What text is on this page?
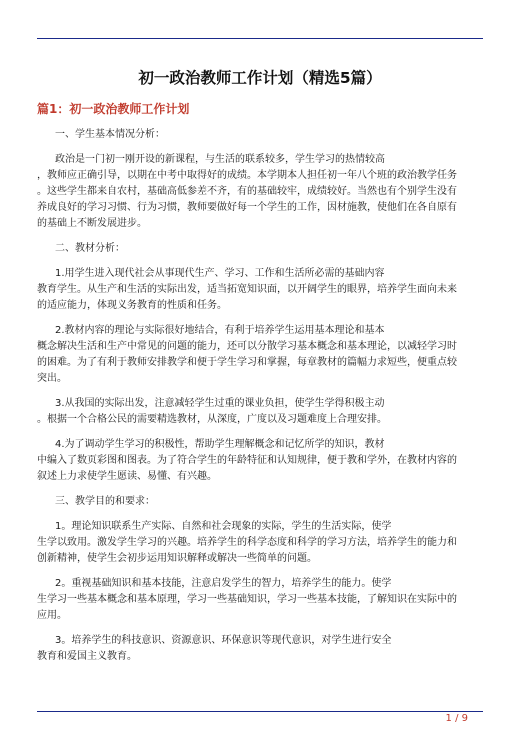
初一政治教师工作计划（精选5篇）
篇1：初一政治教师工作计划
一、学生基本情况分析：
政治是一门初一刚开设的新课程，与生活的联系较多，学生学习的热情较高
，教师应正确引导，以期在中考中取得好的成绩。本学期本人担任初一年八个班的政治教学任务
。这些学生都来自农村，基础高低参差不齐，有的基础较牢，成绩较好。当然也有个别学生没有
养成良好的学习习惯、行为习惯，教师要做好每一个学生的工作，因材施教，使他们在各自原有
的基础上不断发展进步。
二、教材分析：
1.用学生进入现代社会从事现代生产、学习、工作和生活所必需的基础内容
教育学生。从生产和生活的实际出发，适当拓宽知识面，以开阔学生的眼界，培养学生面向未来
的适应能力，体现义务教育的性质和任务。
2.教材内容的理论与实际很好地结合，有利于培养学生运用基本理论和基本
概念解决生活和生产中常见的问题的能力，还可以分散学习基本概念和基本理论，以减轻学习时
的困难。为了有利于教师安排教学和便于学生学习和掌握，每章教材的篇幅力求短些，便重点较
突出。
3.从我国的实际出发，注意减轻学生过重的课业负担，使学生学得积极主动
。根据一个合格公民的需要精选教材，从深度，广度以及习题难度上合理安排。
4.为了调动学生学习的积极性，帮助学生理解概念和记忆所学的知识，教材
中编入了数页彩图和图表。为了符合学生的年龄特征和认知规律，便于教和学外，在教材内容的
叙述上力求使学生愿读、易懂、有兴趣。
三、教学目的和要求：
1。理论知识联系生产实际、自然和社会现象的实际，学生的生活实际，使学
生学以致用。激发学生学习的兴趣。培养学生的科学态度和科学的学习方法，培养学生的能力和
创新精神，使学生会初步运用知识解释或解决一些简单的问题。
2。重视基础知识和基本技能，注意启发学生的智力，培养学生的能力。使学
生学习一些基本概念和基本原理，学习一些基础知识，学习一些基本技能，了解知识在实际中的
应用。
3。培养学生的科技意识、资源意识、环保意识等现代意识，对学生进行安全
教育和爱国主义教育。
1 / 9
